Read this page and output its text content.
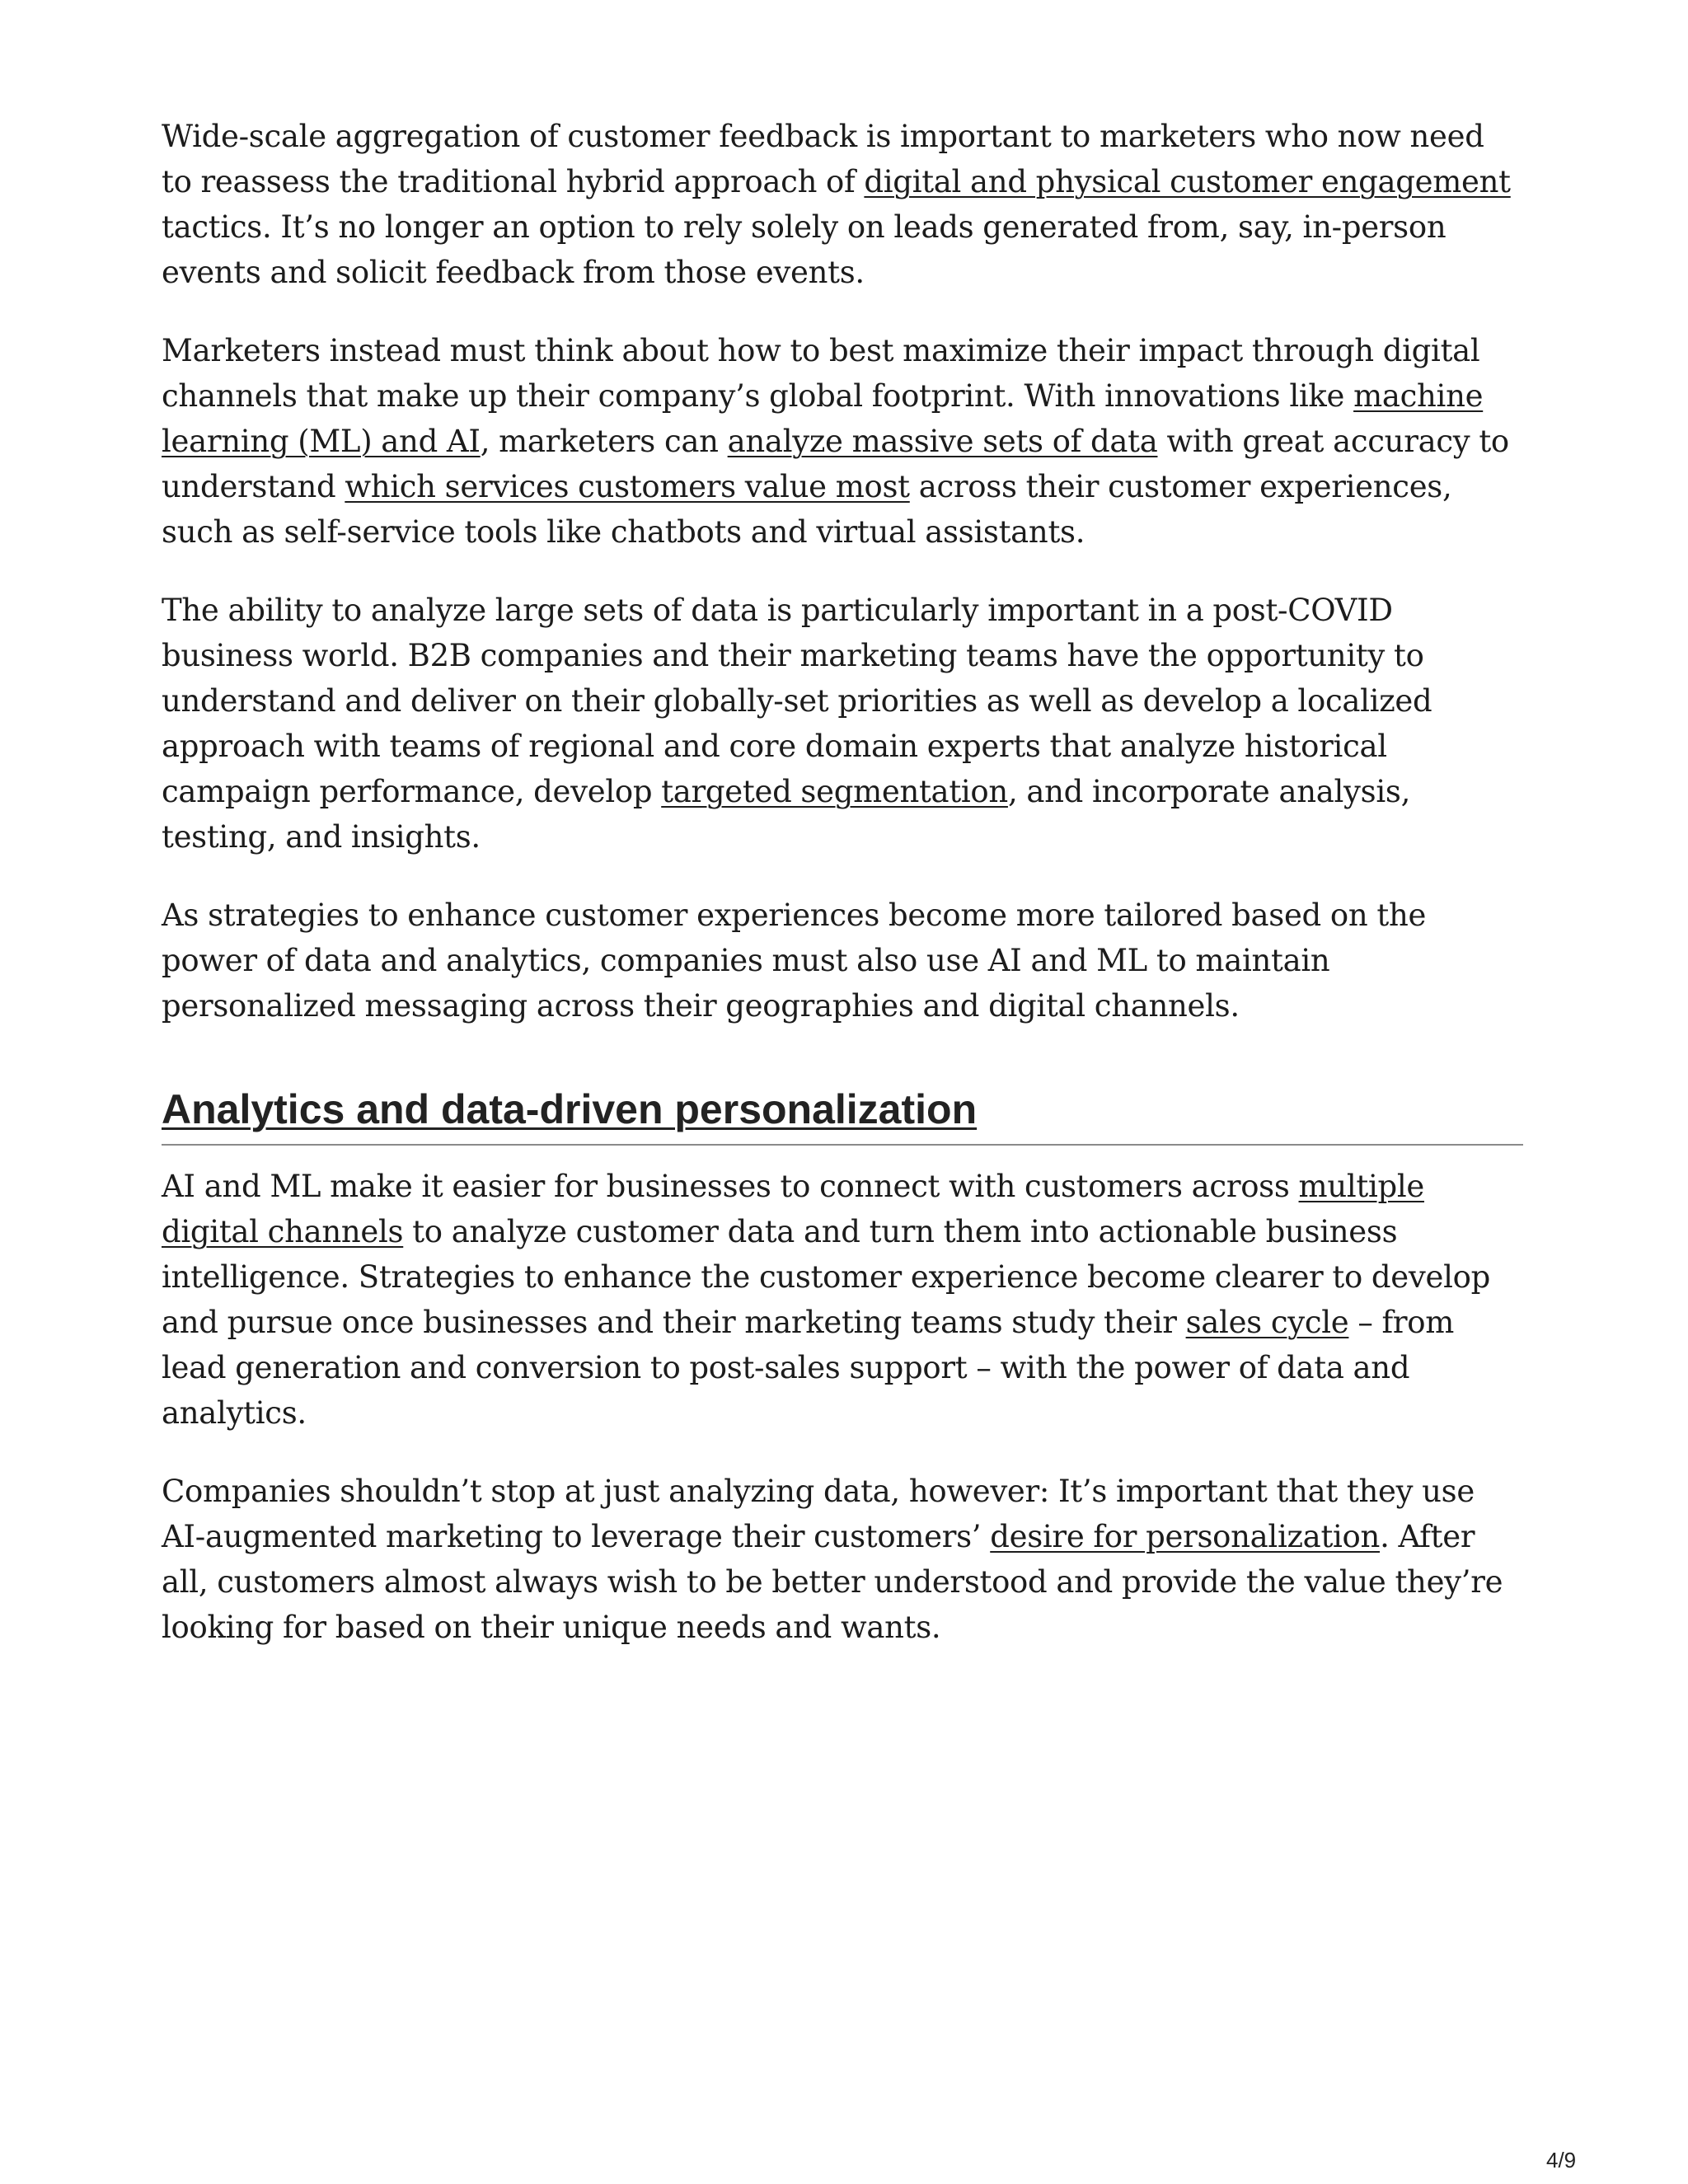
Wide-scale aggregation of customer feedback is important to marketers who now need to reassess the traditional hybrid approach of digital and physical customer engagement tactics. It’s no longer an option to rely solely on leads generated from, say, in-person events and solicit feedback from those events.

Marketers instead must think about how to best maximize their impact through digital channels that make up their company’s global footprint. With innovations like machine learning (ML) and AI, marketers can analyze massive sets of data with great accuracy to understand which services customers value most across their customer experiences, such as self-service tools like chatbots and virtual assistants.

The ability to analyze large sets of data is particularly important in a post-COVID business world. B2B companies and their marketing teams have the opportunity to understand and deliver on their globally-set priorities as well as develop a localized approach with teams of regional and core domain experts that analyze historical campaign performance, develop targeted segmentation, and incorporate analysis, testing, and insights.

As strategies to enhance customer experiences become more tailored based on the power of data and analytics, companies must also use AI and ML to maintain personalized messaging across their geographies and digital channels.

Analytics and data-driven personalization

AI and ML make it easier for businesses to connect with customers across multiple digital channels to analyze customer data and turn them into actionable business intelligence. Strategies to enhance the customer experience become clearer to develop and pursue once businesses and their marketing teams study their sales cycle – from lead generation and conversion to post-sales support – with the power of data and analytics.

Companies shouldn’t stop at just analyzing data, however: It’s important that they use AI-augmented marketing to leverage their customers’ desire for personalization. After all, customers almost always wish to be better understood and provide the value they’re looking for based on their unique needs and wants.

4/9
